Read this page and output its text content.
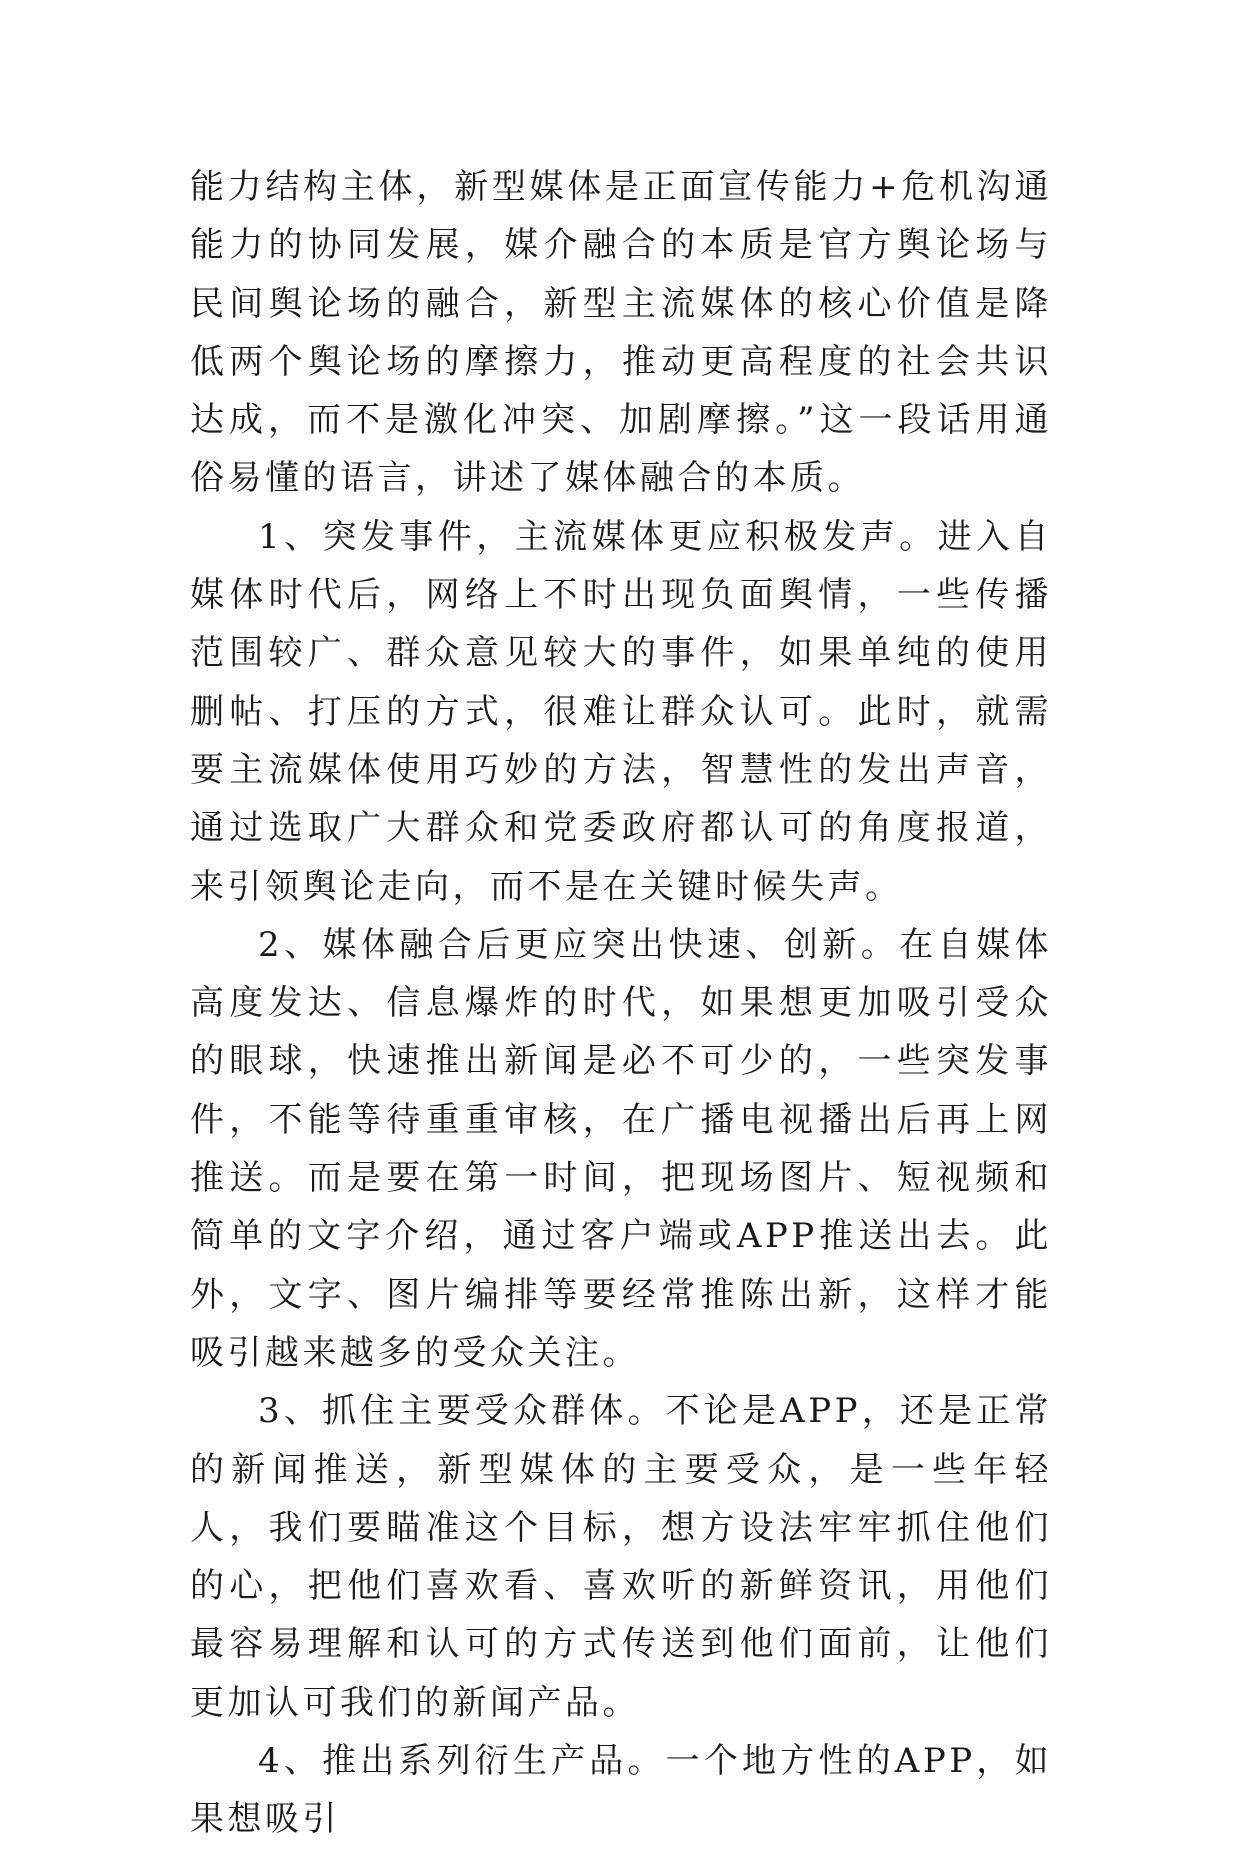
能力结构主体，新型媒体是正面宣传能力+危机沟通能力的协同发展，媒介融合的本质是官方舆论场与民间舆论场的融合，新型主流媒体的核心价值是降低两个舆论场的摩擦力，推动更高程度的社会共识达成，而不是激化冲突、加剧摩擦。”这一段话用通俗易懂的语言，讲述了媒体融合的本质。

1、突发事件，主流媒体更应积极发声。进入自媒体时代后，网络上不时出现负面舆情，一些传播范围较广、群众意见较大的事件，如果单纯的使用删帖、打压的方式，很难让群众认可。此时，就需要主流媒体使用巧妙的方法，智慧性的发出声音，通过选取广大群众和党委政府都认可的角度报道，来引领舆论走向，而不是在关键时候失声。

2、媒体融合后更应突出快速、创新。在自媒体高度发达、信息爆炸的时代，如果想更加吸引受众的眼球，快速推出新闻是必不可少的，一些突发事件，不能等待重重审核，在广播电视播出后再上网推送。而是要在第一时间，把现场图片、短视频和简单的文字介绍，通过客户端或APP推送出去。此外，文字、图片编排等要经常推陈出新，这样才能吸引越来越多的受众关注。

3、抓住主要受众群体。不论是APP，还是正常的新闻推送，新型媒体的主要受众，是一些年轻人，我们要瞄准这个目标，想方设法牢牢抓住他们的心，把他们喜欢看、喜欢听的新鲜资讯，用他们最容易理解和认可的方式传送到他们面前，让他们更加认可我们的新闻产品。

4、推出系列衍生产品。一个地方性的APP，如果想吸引
